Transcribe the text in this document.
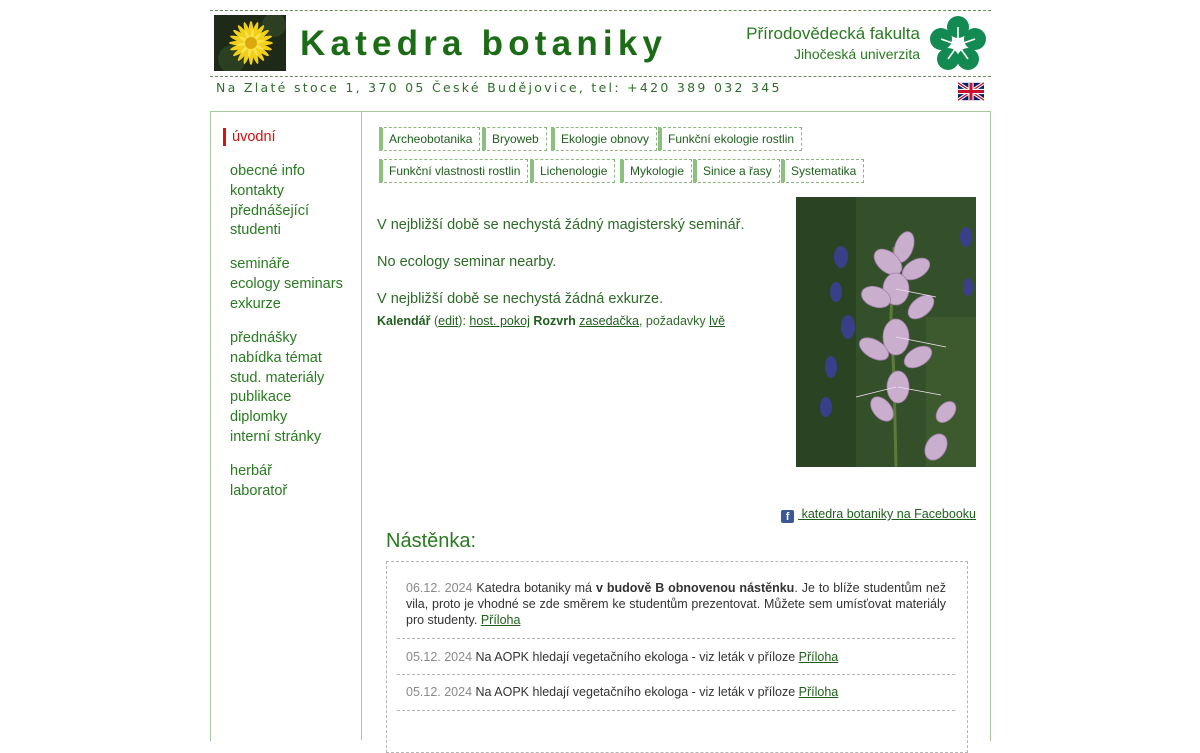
Katedra botaniky	Přírodovědecká fakulta
Jihočeská univerzita
Na Zlaté stoce 1, 370 05 České Budějovice, tel: +420 389 032 345
úvodní
obecné info
kontakty
přednášející
studenti
semináře
ecology seminars
exkurze
přednášky
nabídka témat
stud. materiály
publikace
diplomky
interní stránky
herbář
laboratoř
Archeobotanika	Bryoweb	Ekologie obnovy	Funkční ekologie rostlin
Funkční vlastnosti rostlin	Lichenologie	Mykologie	Sinice a řasy	Systematika
V nejbližší době se nechystá žádný magisterský seminář.
No ecology seminar nearby.
V nejbližší době se nechystá žádná exkurze.
Kalendář (edit): host. pokoj Rozvrh zasedačka, požadavky lvě
f katedra botaniky na Facebooku
Nástěnka:
06.12. 2024 Katedra botaniky má v budově B obnovenou nástěnku. Je to blíže studentům než vila, proto je vhodné se zde směrem ke studentům prezentovat. Můžete sem umísťovat materiály pro studenty. Příloha
05.12. 2024 Na AOPK hledají vegetačního ekologa - viz leták v příloze Příloha
05.12. 2024 Na AOPK hledají vegetačního ekologa - viz leták v příloze Příloha
